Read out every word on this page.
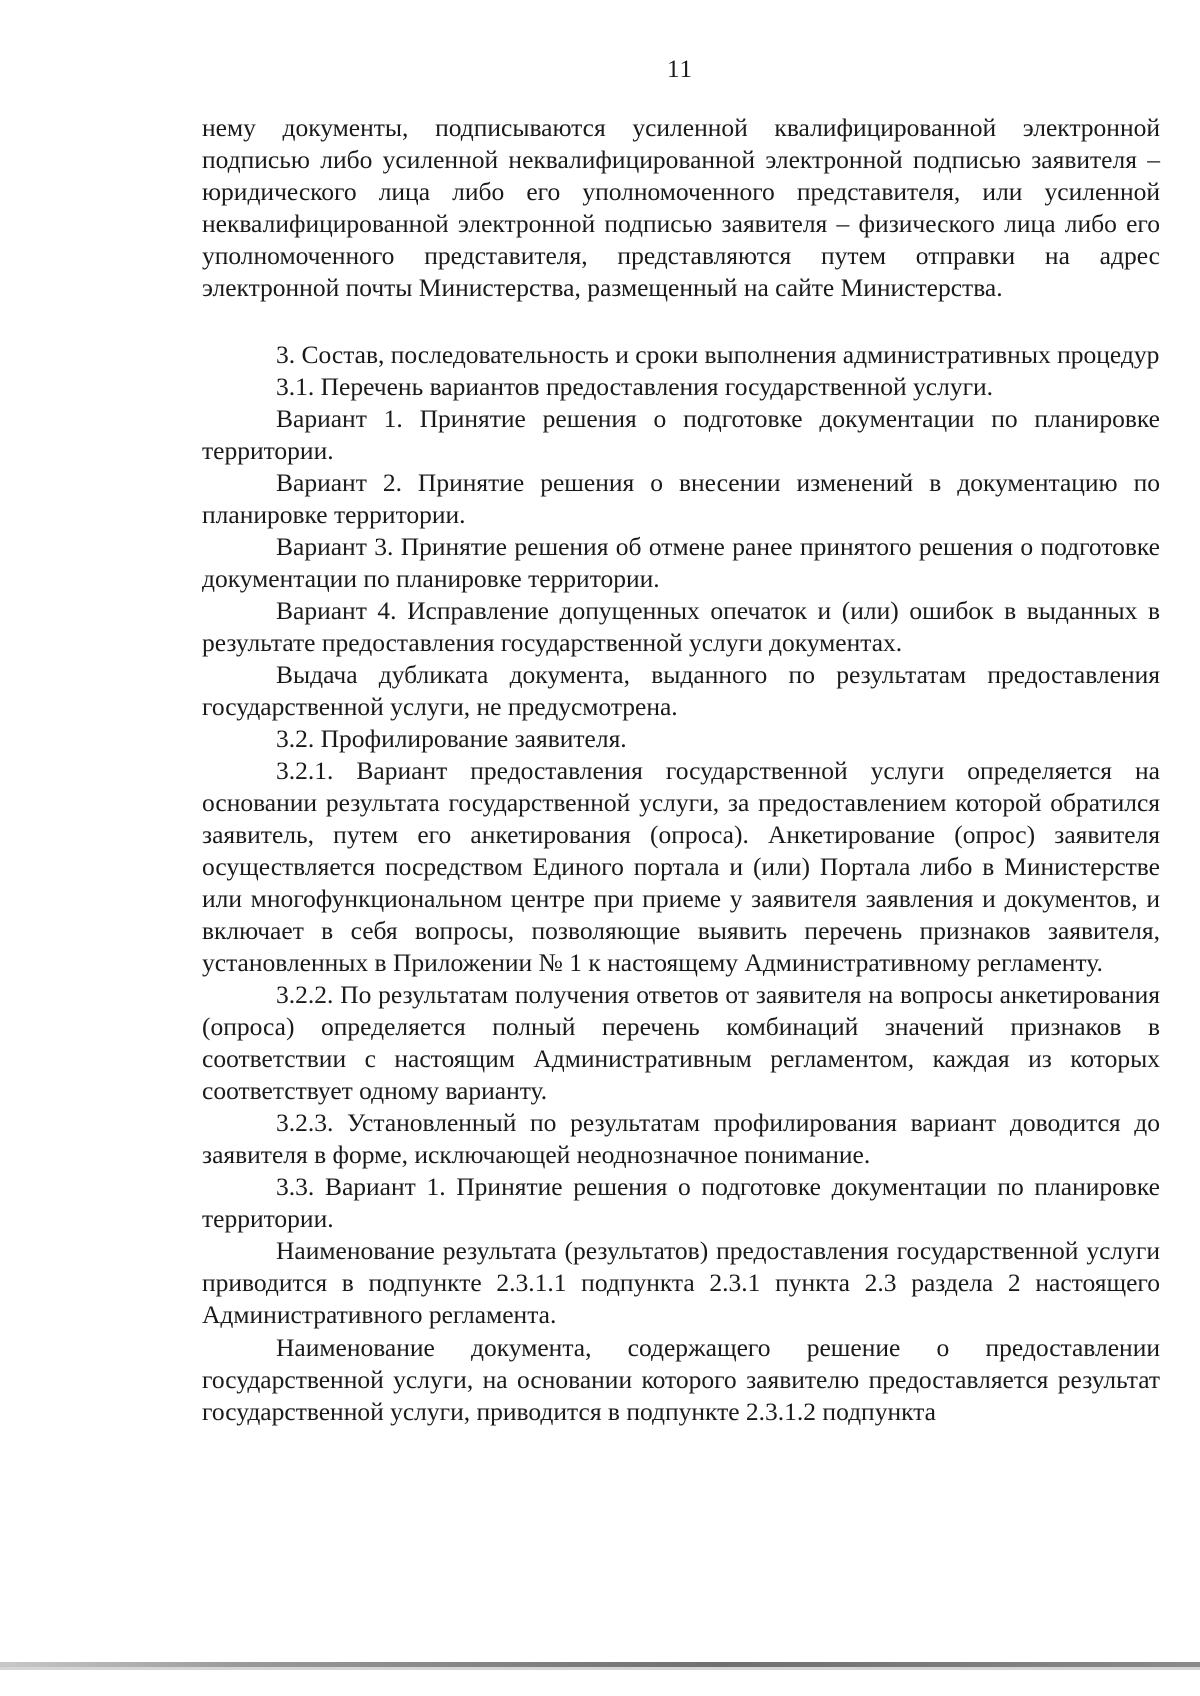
11

нему документы, подписываются усиленной квалифицированной электронной подписью либо усиленной неквалифицированной электронной подписью заявителя – юридического лица либо его уполномоченного представителя, или усиленной неквалифицированной электронной подписью заявителя – физического лица либо его уполномоченного представителя, представляются путем отправки на адрес электронной почты Министерства, размещенный на сайте Министерства.

3. Состав, последовательность и сроки выполнения административных процедур

3.1. Перечень вариантов предоставления государственной услуги.

Вариант 1. Принятие решения о подготовке документации по планировке территории.

Вариант 2. Принятие решения о внесении изменений в документацию по планировке территории.

Вариант 3. Принятие решения об отмене ранее принятого решения о подготовке документации по планировке территории.

Вариант 4. Исправление допущенных опечаток и (или) ошибок в выданных в результате предоставления государственной услуги документах.

Выдача дубликата документа, выданного по результатам предоставления государственной услуги, не предусмотрена.

3.2. Профилирование заявителя.

3.2.1. Вариант предоставления государственной услуги определяется на основании результата государственной услуги, за предоставлением которой обратился заявитель, путем его анкетирования (опроса). Анкетирование (опрос) заявителя осуществляется посредством Единого портала и (или) Портала либо в Министерстве или многофункциональном центре при приеме у заявителя заявления и документов, и включает в себя вопросы, позволяющие выявить перечень признаков заявителя, установленных в Приложении № 1 к настоящему Административному регламенту.

3.2.2. По результатам получения ответов от заявителя на вопросы анкетирования (опроса) определяется полный перечень комбинаций значений признаков в соответствии с настоящим Административным регламентом, каждая из которых соответствует одному варианту.

3.2.3. Установленный по результатам профилирования вариант доводится до заявителя в форме, исключающей неоднозначное понимание.

3.3. Вариант 1. Принятие решения о подготовке документации по планировке территории.

Наименование результата (результатов) предоставления государственной услуги приводится в подпункте 2.3.1.1 подпункта 2.3.1 пункта 2.3 раздела 2 настоящего Административного регламента.

Наименование документа, содержащего решение о предоставлении государственной услуги, на основании которого заявителю предоставляется результат государственной услуги, приводится в подпункте 2.3.1.2 подпункта
